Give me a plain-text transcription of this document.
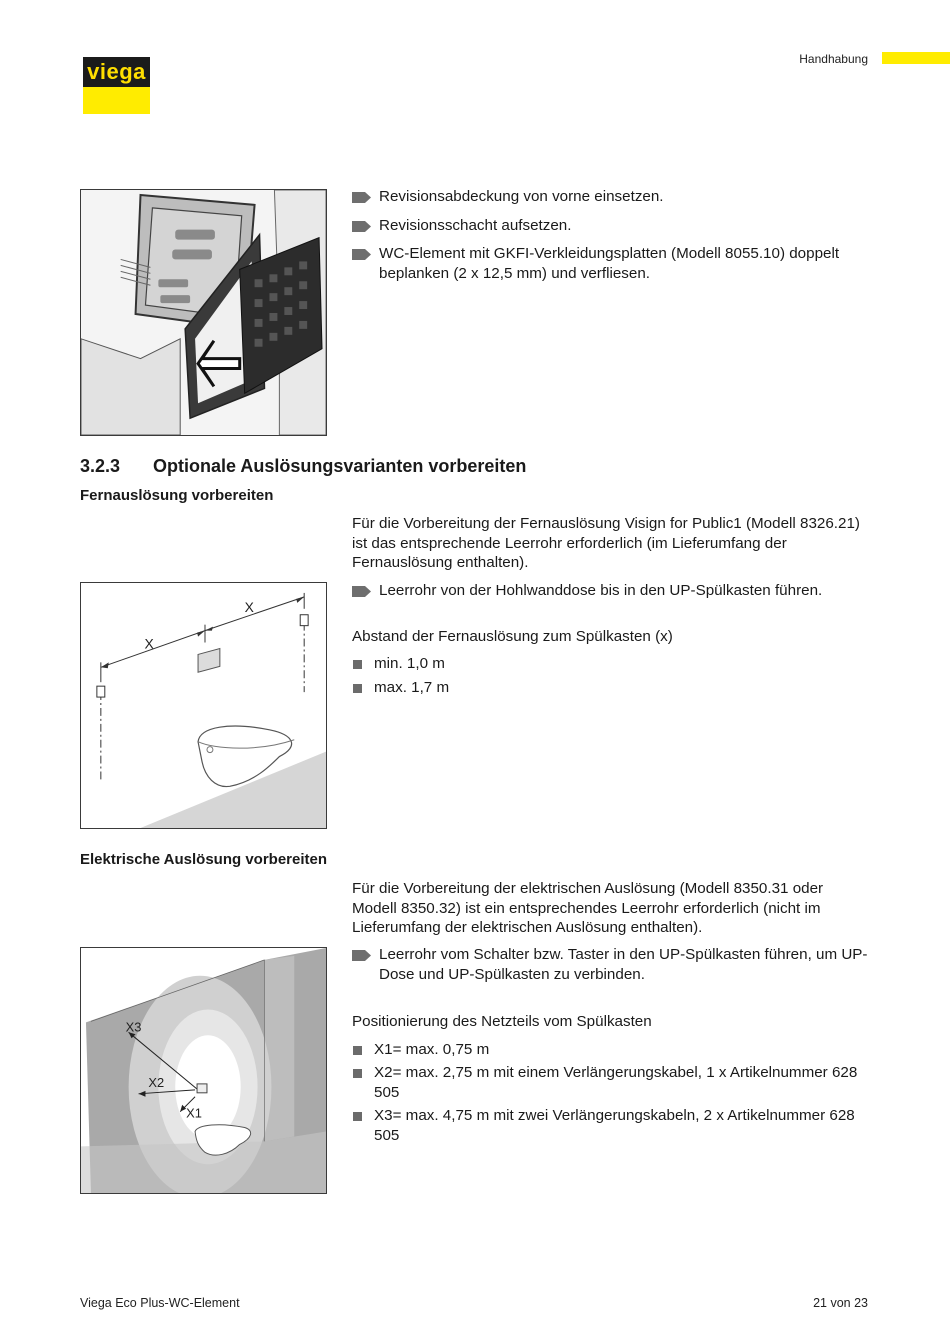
viega	Handhabung
Revisionsabdeckung von vorne einsetzen.
Revisionsschacht aufsetzen.
WC-Element mit GKFI-Verkleidungsplatten (Modell 8055.10) doppelt beplanken (2 x 12,5 mm) und verfliesen.
3.2.3 Optionale Auslösungsvarianten vorbereiten
Fernauslösung vorbereiten

Für die Vorbereitung der Fernauslösung Visign for Public1 (Modell 8326.21) ist das entsprechende Leerrohr erforderlich (im Lieferumfang der Fernauslösung enthalten).

X
X
Leerrohr von der Hohlwanddose bis in den UP-Spülkasten führen.

Abstand der Fernauslösung zum Spülkasten (x)

min. 1,0 m
max. 1,7 m
Elektrische Auslösung vorbereiten

Für die Vorbereitung der elektrischen Auslösung (Modell 8350.31 oder Modell 8350.32) ist ein entsprechendes Leerrohr erforderlich (nicht im Lieferumfang der elektrischen Auslösung enthalten).

X3
X2
X1
Leerrohr vom Schalter bzw. Taster in den UP-Spülkasten führen, um UP-Dose und UP-Spülkasten zu verbinden.

Positionierung des Netzteils vom Spülkasten

X1= max. 0,75 m
X2= max. 2,75 m mit einem Verlängerungskabel, 1 x Artikelnummer 628 505
X3= max. 4,75 m mit zwei Verlängerungskabeln, 2 x Artikelnummer 628 505
Viega Eco Plus-WC-Element	21 von 23
